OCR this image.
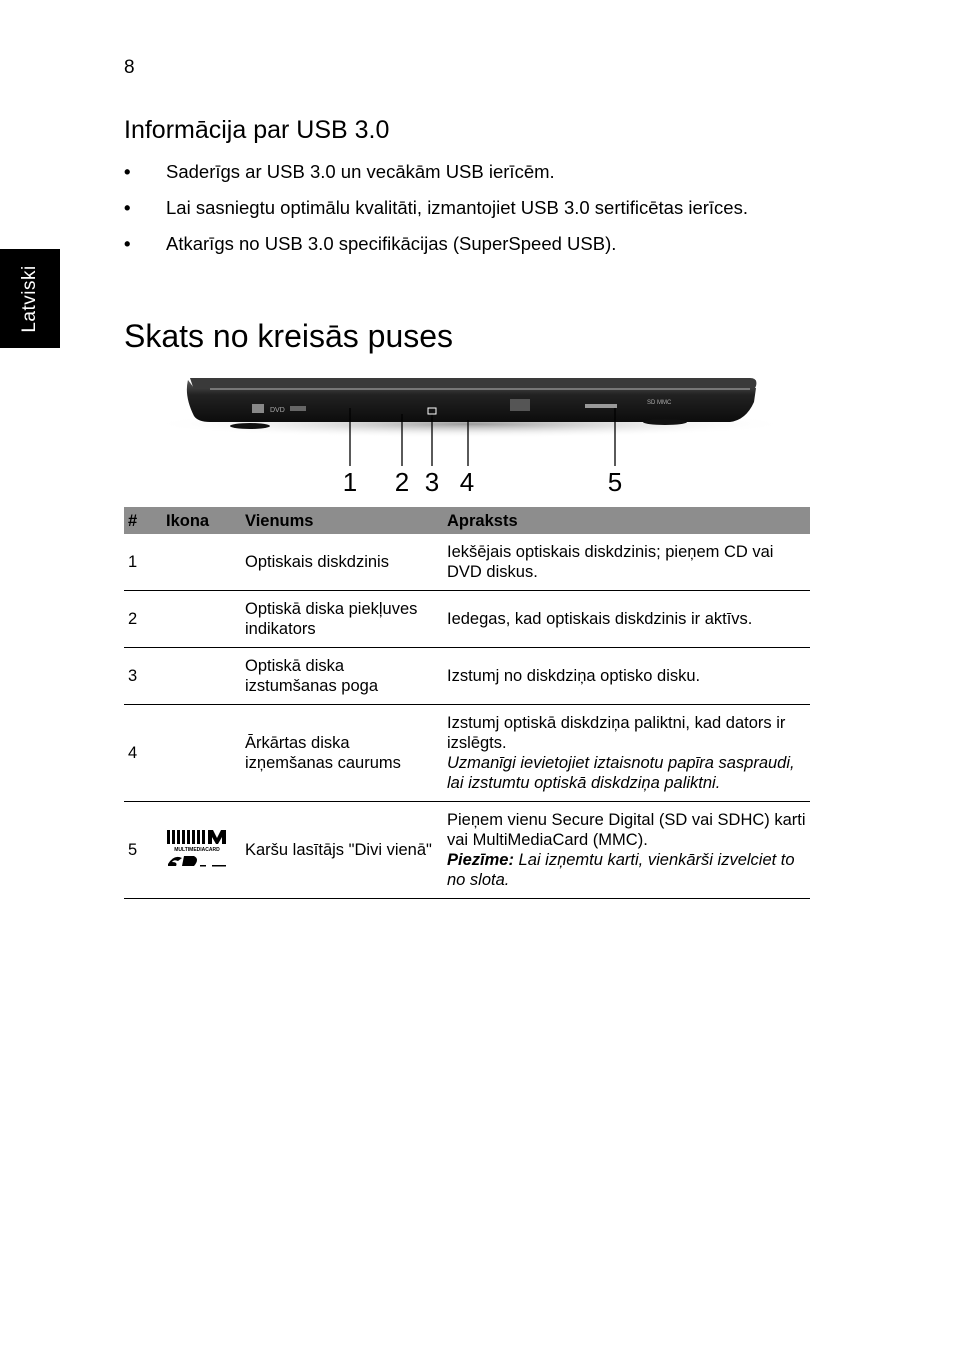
8
Latviski
Informācija par USB 3.0
• Saderīgs ar USB 3.0 un vecākām USB ierīcēm.
• Lai sasniegtu optimālu kvalitāti, izmantojiet USB 3.0 sertificētas ierīces.
• Atkarīgs no USB 3.0 specifikācijas (SuperSpeed USB).
Skats no kreisās puses
DVD
SD MMC
1 2 3 4	5
#	Ikona	Vienums	Apraksts
1		Optiskais diskdzinis	Iekšējais optiskais diskdzinis; pieņem CD vai DVD diskus.
2		Optiskā diska piekļuves indikators	Iedegas, kad optiskais diskdzinis ir aktīvs.
3		Optiskā diska izstumšanas poga	Izstumj no diskdziņa optisko disku.
4		Ārkārtas diska izņemšanas caurums	Izstumj optiskā diskdziņa paliktni, kad dators ir izslēgts.
Uzmanīgi ievietojiet iztaisnotu papīra saspraudi, lai izstumtu optiskā diskdziņa paliktni.

5	MULTIMEDIACARD	Karšu lasītājs "Divi vienā"	Pieņem vienu Secure Digital (SD vai SDHC) karti vai MultiMediaCard (MMC).
Piezīme: Lai izņemtu karti, vienkārši izvelciet to no slota.
